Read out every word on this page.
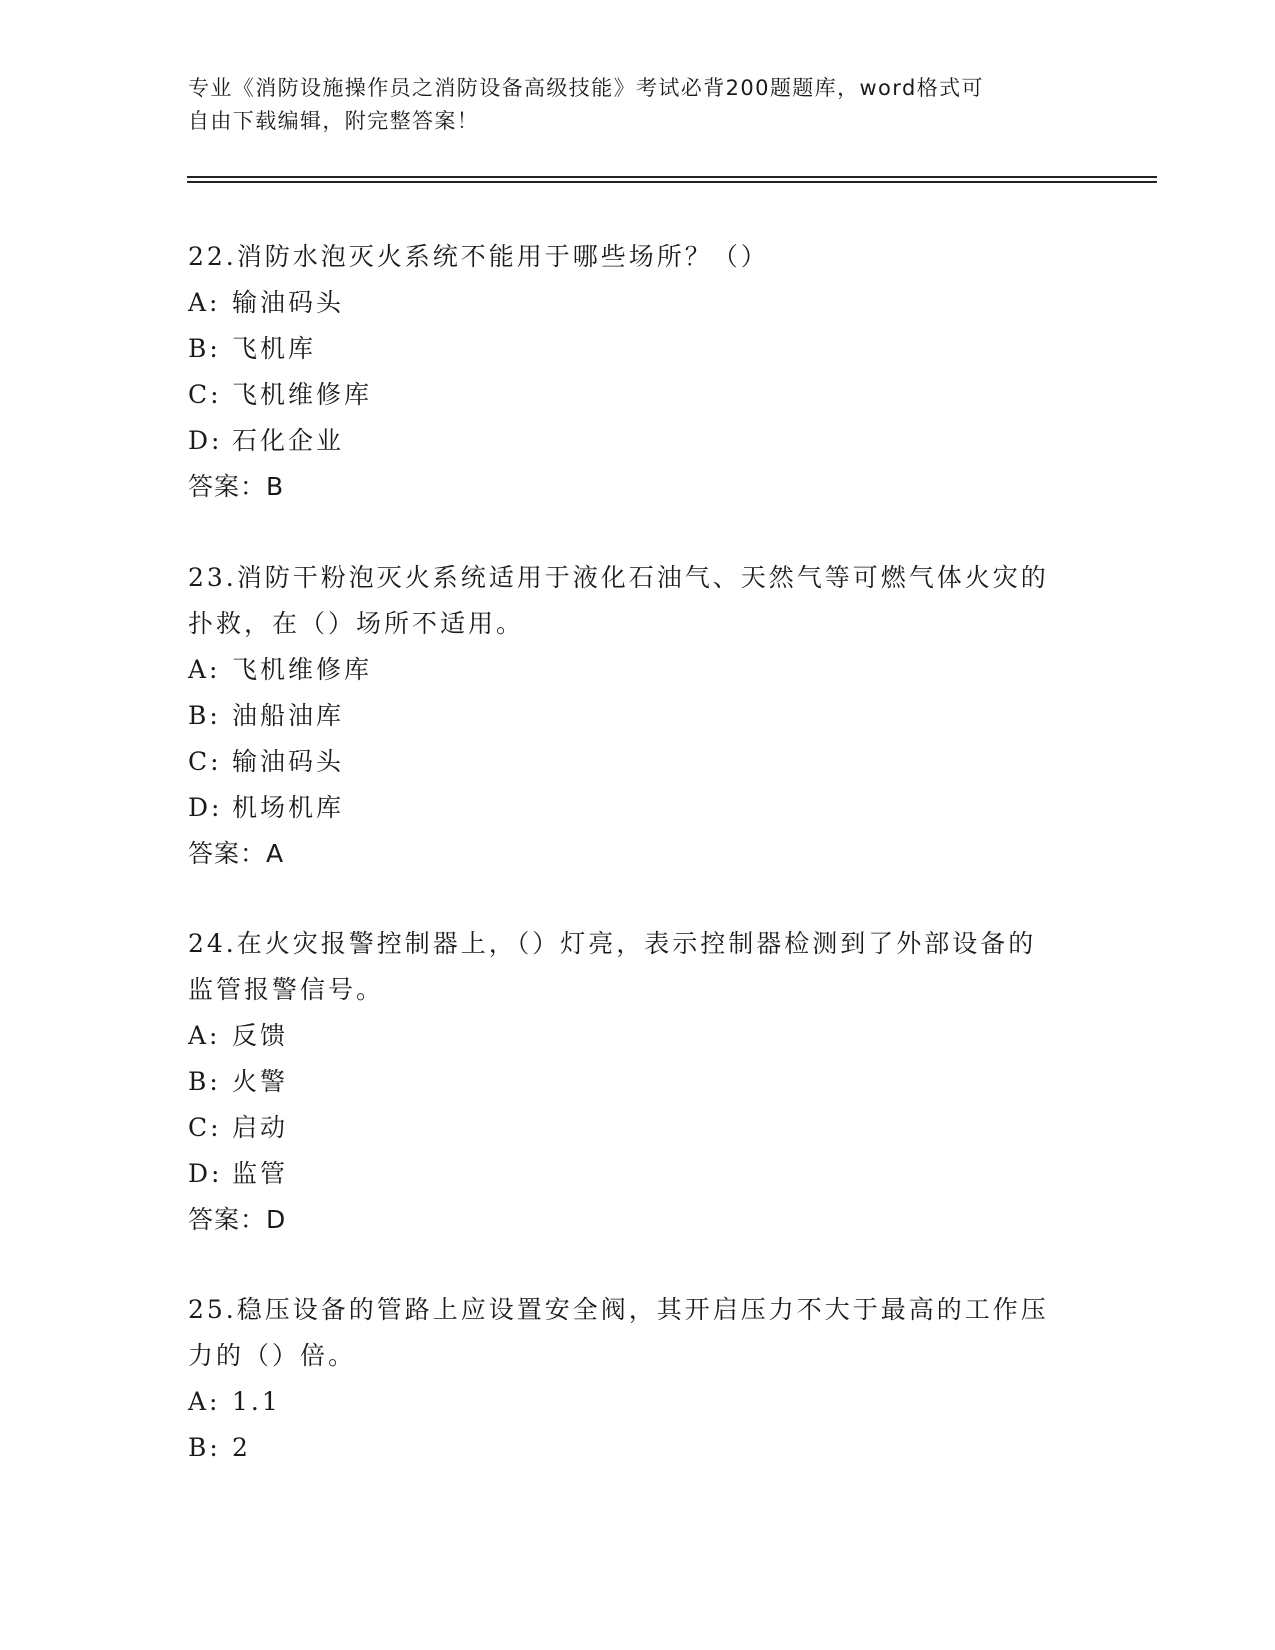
专业《消防设施操作员之消防设备高级技能》考试必背200题题库，word格式可
自由下载编辑，附完整答案！
22.消防水泡灭火系统不能用于哪些场所？（）
A: 输油码头
B: 飞机库
C: 飞机维修库
D: 石化企业
答案：B
23.消防干粉泡灭火系统适用于液化石油气、天然气等可燃气体火灾的
扑救，在（）场所不适用。
A: 飞机维修库
B: 油船油库
C: 输油码头
D: 机场机库
答案：A
24.在火灾报警控制器上，（）灯亮，表示控制器检测到了外部设备的
监管报警信号。
A: 反馈
B: 火警
C: 启动
D: 监管
答案：D
25.稳压设备的管路上应设置安全阀，其开启压力不大于最高的工作压
力的（）倍。
A: 1.1
B: 2
